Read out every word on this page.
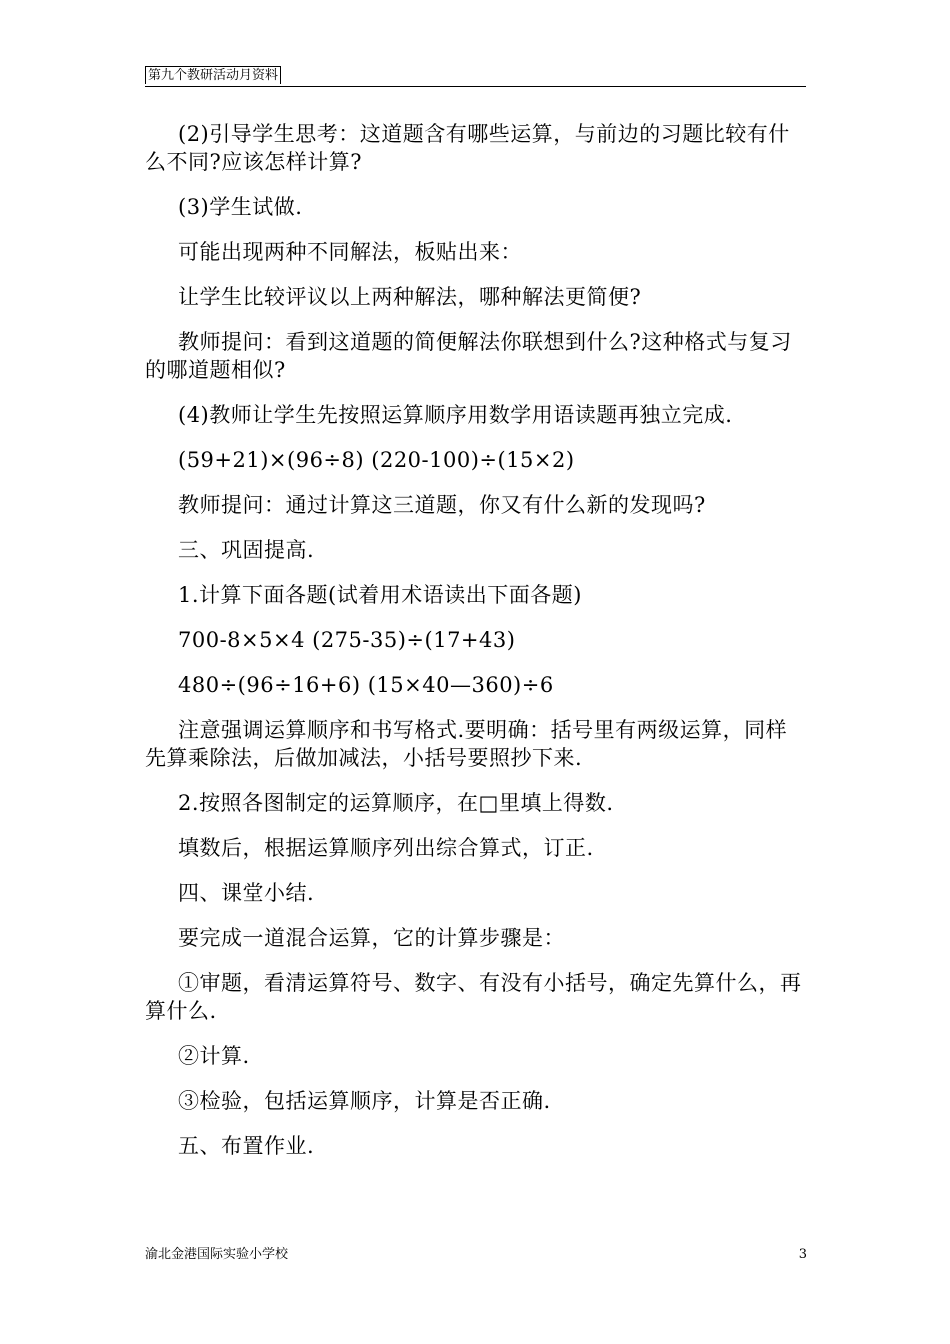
第九个教研活动月资料

(2)引导学生思考：这道题含有哪些运算，与前边的习题比较有什么不同?应该怎样计算?

(3)学生试做.

可能出现两种不同解法，板贴出来：

让学生比较评议以上两种解法，哪种解法更简便?

教师提问：看到这道题的简便解法你联想到什么?这种格式与复习的哪道题相似?

(4)教师让学生先按照运算顺序用数学用语读题再独立完成.

(59+21)×(96÷8) (220-100)÷(15×2)

教师提问：通过计算这三道题，你又有什么新的发现吗?

三、巩固提高.

1.计算下面各题(试着用术语读出下面各题)

700-8×5×4 (275-35)÷(17+43)

480÷(96÷16+6) (15×40—360)÷6

注意强调运算顺序和书写格式.要明确：括号里有两级运算，同样先算乘除法，后做加减法，小括号要照抄下来.

2.按照各图制定的运算顺序，在□里填上得数.

填数后，根据运算顺序列出综合算式，订正.

四、课堂小结.

要完成一道混合运算，它的计算步骤是：

①审题，看清运算符号、数字、有没有小括号，确定先算什么，再算什么.

②计算.

③检验，包括运算顺序，计算是否正确.

五、布置作业.

渝北金港国际实验小学校	3
